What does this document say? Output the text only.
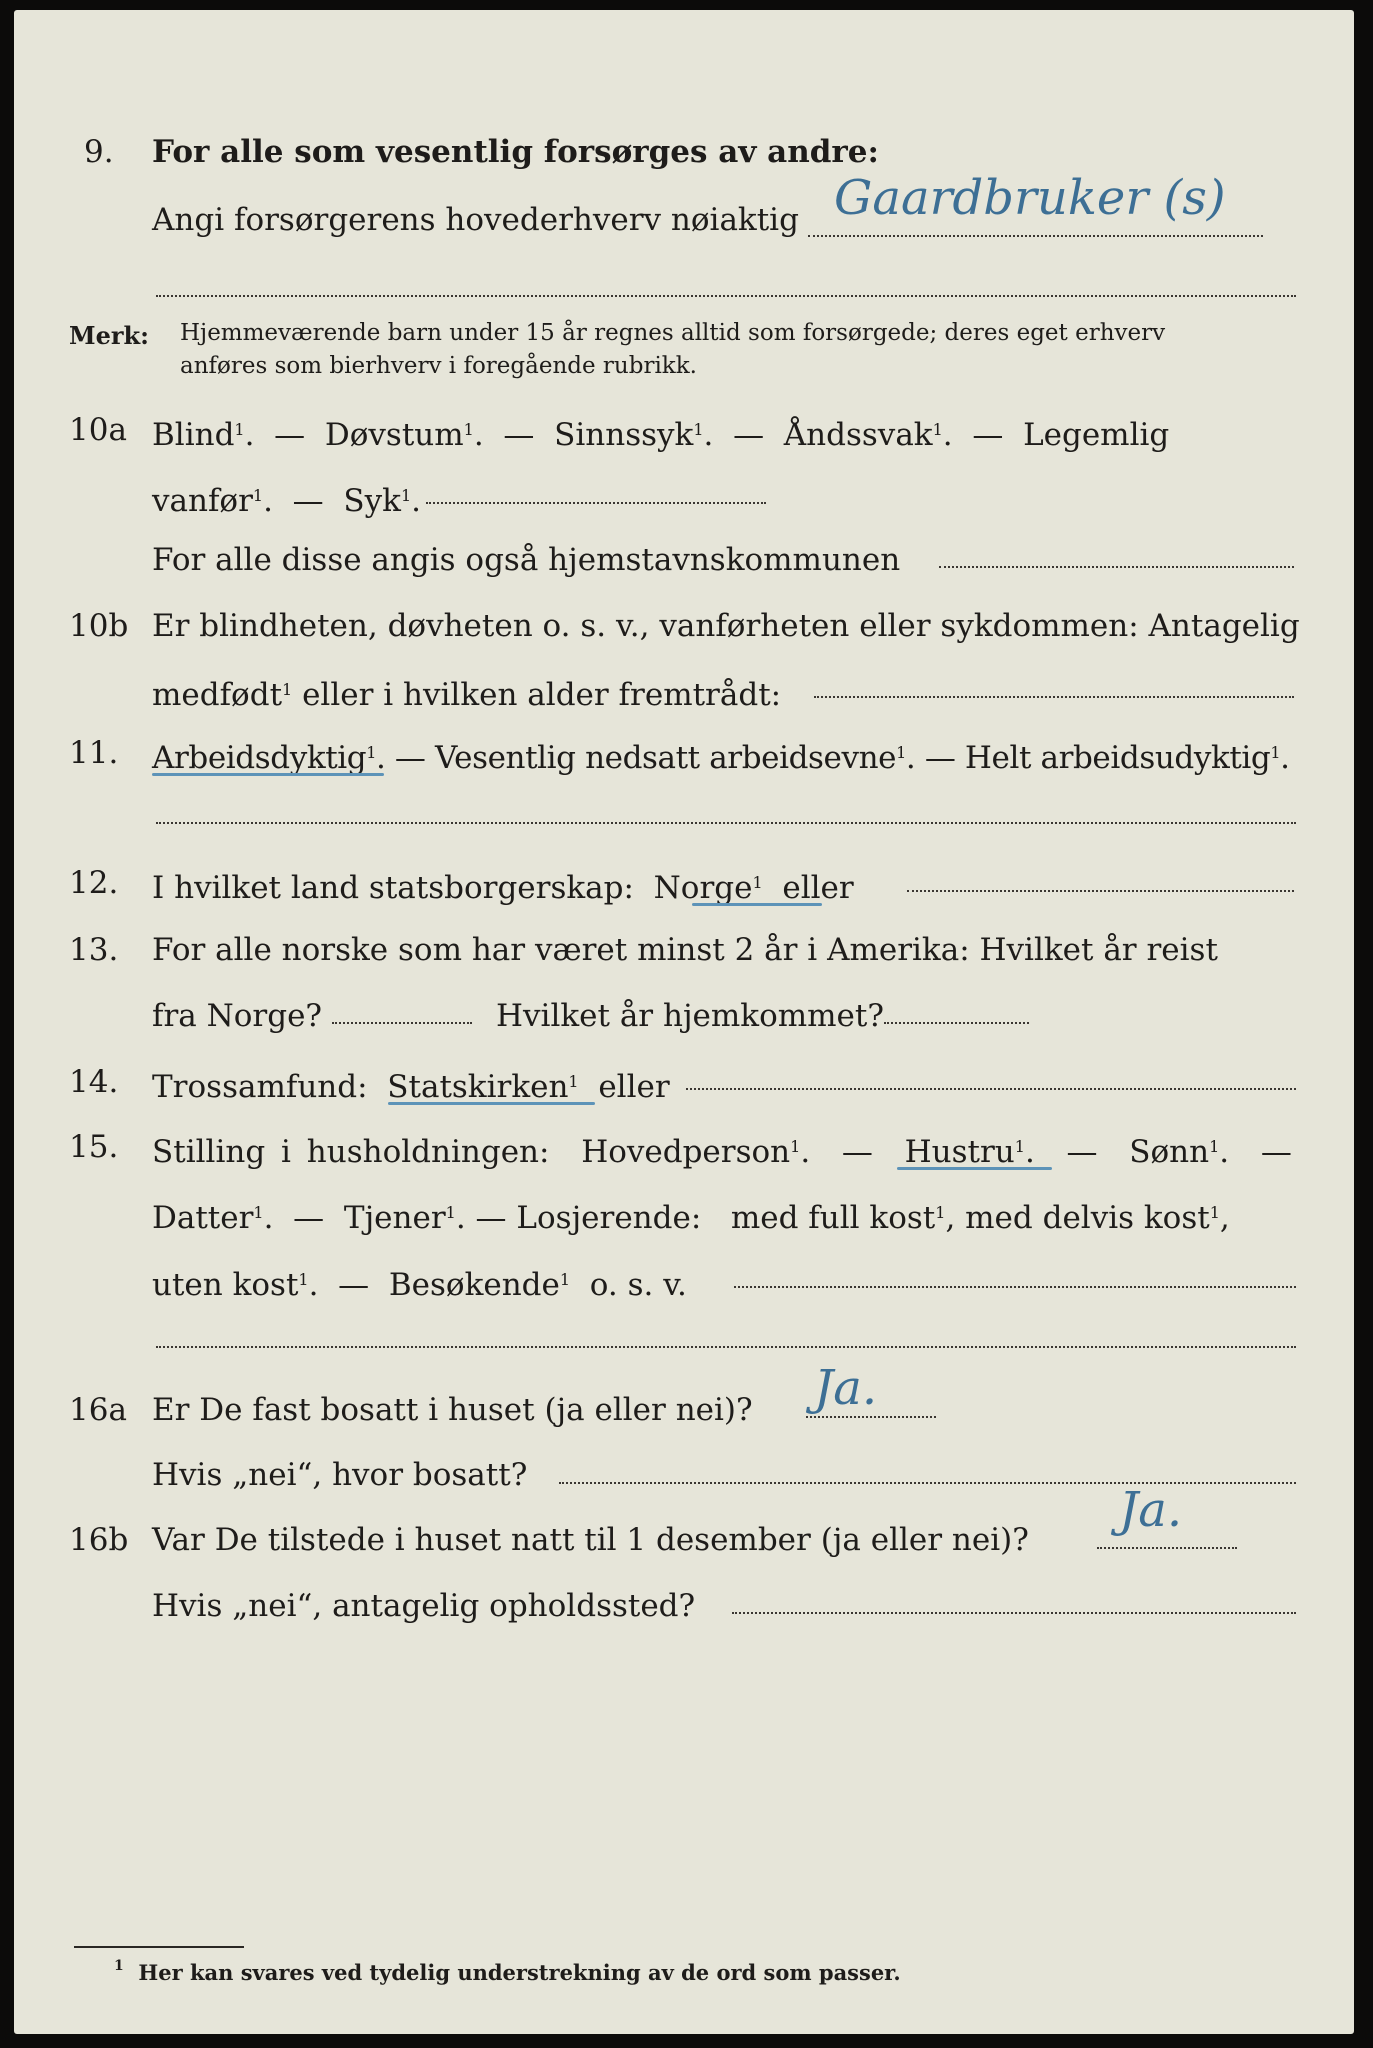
9. For alle som vesentlig forsørges av andre:
Angi forsørgerens hovederhverv nøiaktig Gaardbruker (s)
Merk: Hjemmeværende barn under 15 år regnes alltid som forsørgede; deres eget erhverv
anføres som bierhverv i foregående rubrikk.
10a Blind$^1$.  —  Døvstum$^1$.  —  Sinnssyk$^1$.  —  Åndssvak$^1$.  —  Legemlig
vanfør$^1$.  —  Syk$^1$.
For alle disse angis også hjemstavnskommunen
10b Er blindheten, døvheten o. s. v., vanførheten eller sykdommen: Antagelig
medfødt$^1$ eller i hvilken alder fremtrådt:
11. Arbeidsdyktig$^1$. — Vesentlig nedsatt arbeidsevne$^1$. — Helt arbeidsudyktig$^1$.
12. I hvilket land statsborgerskap: Norge$^1$ eller
13. For alle norske som har været minst 2 år i Amerika: Hvilket år reist
fra Norge?	Hvilket år hjemkommet?
14. Trossamfund: Statskirken$^1$ eller
15. Stilling i husholdningen: Hovedperson$^1$.  —  Hustru$^1$.  —  Sønn$^1$.  —
Datter$^1$.  —  Tjener$^1$. — Losjerende: med full kost$^1$, med delvis kost$^1$,
uten kost$^1$.  —  Besøkende$^1$ o. s. v.
16a Er De fast bosatt i huset (ja eller nei)? Ja.
Hvis „nei“, hvor bosatt?
16b Var De tilstede i huset natt til 1 desember (ja eller nei)?
Ja.
Hvis „nei“, antagelig opholdssted?
$^1$ Her kan svares ved tydelig understrekning av de ord som passer.
